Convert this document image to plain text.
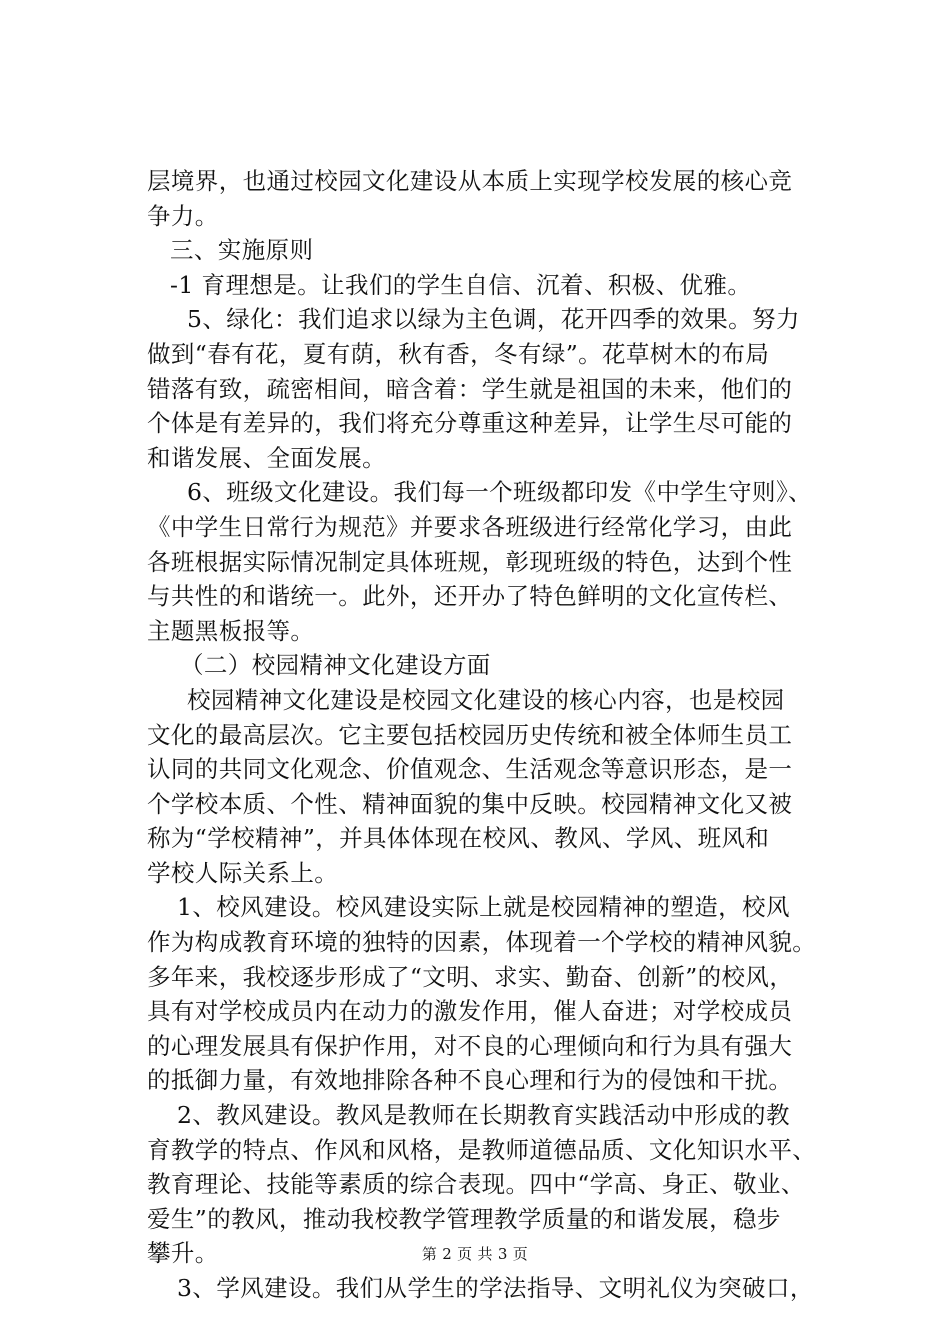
层境界，也通过校园文化建设从本质上实现学校发展的核心竞
争力。
三、实施原则
-1 育理想是。让我们的学生自信、沉着、积极、优雅。
5、绿化：我们追求以绿为主色调，花开四季的效果。努力
做到“春有花，夏有荫，秋有香，冬有绿”。花草树木的布局
错落有致，疏密相间，暗含着：学生就是祖国的未来，他们的
个体是有差异的，我们将充分尊重这种差异，让学生尽可能的
和谐发展、全面发展。
6、班级文化建设。我们每一个班级都印发《中学生守则》、
《中学生日常行为规范》并要求各班级进行经常化学习，由此
各班根据实际情况制定具体班规，彰现班级的特色，达到个性
与共性的和谐统一。此外，还开办了特色鲜明的文化宣传栏、
主题黑板报等。
（二）校园精神文化建设方面
校园精神文化建设是校园文化建设的核心内容，也是校园
文化的最高层次。它主要包括校园历史传统和被全体师生员工
认同的共同文化观念、价值观念、生活观念等意识形态，是一
个学校本质、个性、精神面貌的集中反映。校园精神文化又被
称为“学校精神”，并具体体现在校风、教风、学风、班风和
学校人际关系上。
1、校风建设。校风建设实际上就是校园精神的塑造，校风
作为构成教育环境的独特的因素，体现着一个学校的精神风貌。
多年来，我校逐步形成了“文明、求实、勤奋、创新”的校风，
具有对学校成员内在动力的激发作用，催人奋进；对学校成员
的心理发展具有保护作用，对不良的心理倾向和行为具有强大
的抵御力量，有效地排除各种不良心理和行为的侵蚀和干扰。
2、教风建设。教风是教师在长期教育实践活动中形成的教
育教学的特点、作风和风格，是教师道德品质、文化知识水平、
教育理论、技能等素质的综合表现。四中“学高、身正、敬业、
爱生”的教风，推动我校教学管理教学质量的和谐发展，稳步
攀升。
3、学风建设。我们从学生的学法指导、文明礼仪为突破口，
第 2 页 共 3 页
